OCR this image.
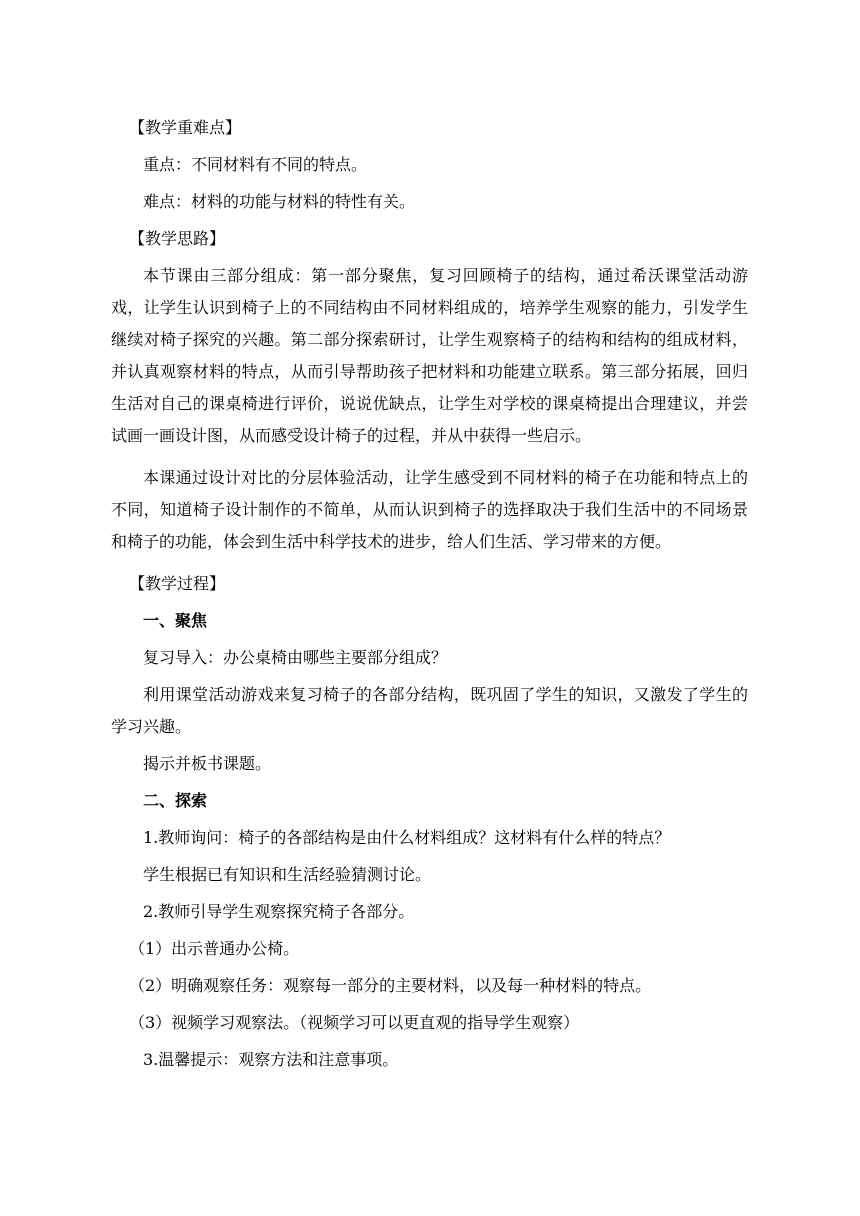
【教学重难点】

重点：不同材料有不同的特点。

难点：材料的功能与材料的特性有关。

【教学思路】

本节课由三部分组成：第一部分聚焦，复习回顾椅子的结构，通过希沃课堂活动游戏，让学生认识到椅子上的不同结构由不同材料组成的，培养学生观察的能力，引发学生继续对椅子探究的兴趣。第二部分探索研讨，让学生观察椅子的结构和结构的组成材料，并认真观察材料的特点，从而引导帮助孩子把材料和功能建立联系。第三部分拓展，回归生活对自己的课桌椅进行评价，说说优缺点，让学生对学校的课桌椅提出合理建议，并尝试画一画设计图，从而感受设计椅子的过程，并从中获得一些启示。

本课通过设计对比的分层体验活动，让学生感受到不同材料的椅子在功能和特点上的不同，知道椅子设计制作的不简单，从而认识到椅子的选择取决于我们生活中的不同场景和椅子的功能，体会到生活中科学技术的进步，给人们生活、学习带来的方便。

【教学过程】

一、聚焦

复习导入：办公桌椅由哪些主要部分组成？

利用课堂活动游戏来复习椅子的各部分结构，既巩固了学生的知识，又激发了学生的学习兴趣。

揭示并板书课题。

二、探索

1.教师询问：椅子的各部结构是由什么材料组成？这材料有什么样的特点？

学生根据已有知识和生活经验猜测讨论。

2.教师引导学生观察探究椅子各部分。

（1）出示普通办公椅。

（2）明确观察任务：观察每一部分的主要材料，以及每一种材料的特点。

（3）视频学习观察法。（视频学习可以更直观的指导学生观察）

3.温馨提示：观察方法和注意事项。
